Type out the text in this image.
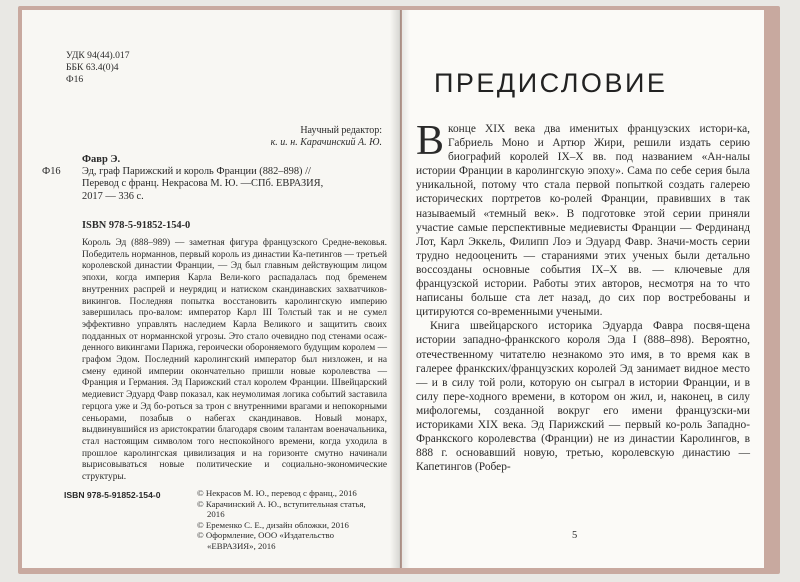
УДК 94(44).017
ББК 63.4(0)4
Ф16
Научный редактор:
к. и. н. Карачинский А. Ю.
Фавр Э.
Ф16 Эд, граф Парижский и король Франции (882–898) //
Перевод с франц. Некрасова М. Ю. —СПб. ЕВРАЗИЯ,
2017 — 336 с.
ISBN 978-5-91852-154-0
Король Эд (888–989) — заметная фигура французского Средне-вековья. Победитель норманнов, первый король из династии Ка-петингов — третьей королевской династии Франции, — Эд был главным действующим лицом эпохи, когда империя Карла Вели-кого распадалась под бременем внутренних распрей и неурядиц и натиском скандинавских захватчиков-викингов. Последняя попытка восстановить каролингскую империю завершилась про-валом: император Карл III Толстый так и не сумел эффективно управлять наследием Карла Великого и защитить своих подданных от норманнской угрозы. Это стало очевидно под стенами осаж-денного викингами Парижа, героически обороняемого будущим королем — графом Эдом. Последний каролингский император был низложен, и на смену единой империи окончательно пришли новые королевства — Франция и Германия. Эд Парижский стал королем Франции. Швейцарский медиевист Эдуард Фавр показал, как неумолимая логика событий заставила герцога уже и Эд бо-роться за трон с внутренними врагами и непокорными сеньорами, позабыв о набегах скандинавов. Новый монарх, выдвинувшийся из аристократии благодаря своим талантам военачальника, стал настоящим символом того неспокойного времени, когда уходила в прошлое каролингская цивилизация и на горизонте смутно начинали вырисовываться новые политические и социально-экономические структуры.
ISBN 978-5-91852-154-0	© Некрасов М. Ю., перевод с франц., 2016
© Карачинский А. Ю., вступительная статья,
2016
© Еременко С. Е., дизайн обложки, 2016
© Оформление, ООО «Издательство
«ЕВРАЗИЯ», 2016
ПРЕДИСЛОВИЕ

Вконце XIX века два именитых французских истори-ка, Габриель Моно и Артюр Жири, решили издать серию биографий королей IX–X вв. под названием «Ан-налы истории Франции в каролингскую эпоху». Сама по себе серия была уникальной, потому что стала первой попыткой создать галерею исторических портретов ко-ролей Франции, правивших в так называемый «темный век». В подготовке этой серии приняли участие самые перспективные медиевисты Франции — Фердинанд Лот, Карл Эккель, Филипп Лоэ и Эдуард Фавр. Значи-мость серии трудно недооценить — стараниями этих ученых были детально воссозданы основные события IX–X вв. — ключевые для французской истории. Работы этих авторов, несмотря на то что написаны больше ста лет назад, до сих пор востребованы и цитируются со-временными учеными.

Книга швейцарского историка Эдуарда Фавра посвя-щена истории западно-франкского короля Эда I (888–898). Вероятно, отечественному читателю незнакомо это имя, в то время как в галерее франкских/французских королей Эд занимает видное место — и в силу той роли, которую он сыграл в истории Франции, и в силу пере-ходного времени, в котором он жил, и, наконец, в силу мифологемы, созданной вокруг его имени французски-ми историками XIX века. Эд Парижский — первый ко-роль Западно-Франкского королевства (Франции) не из династии Каролингов, в 888 г. основавший новую, третью, королевскую династию — Капетингов (Робер-

5
